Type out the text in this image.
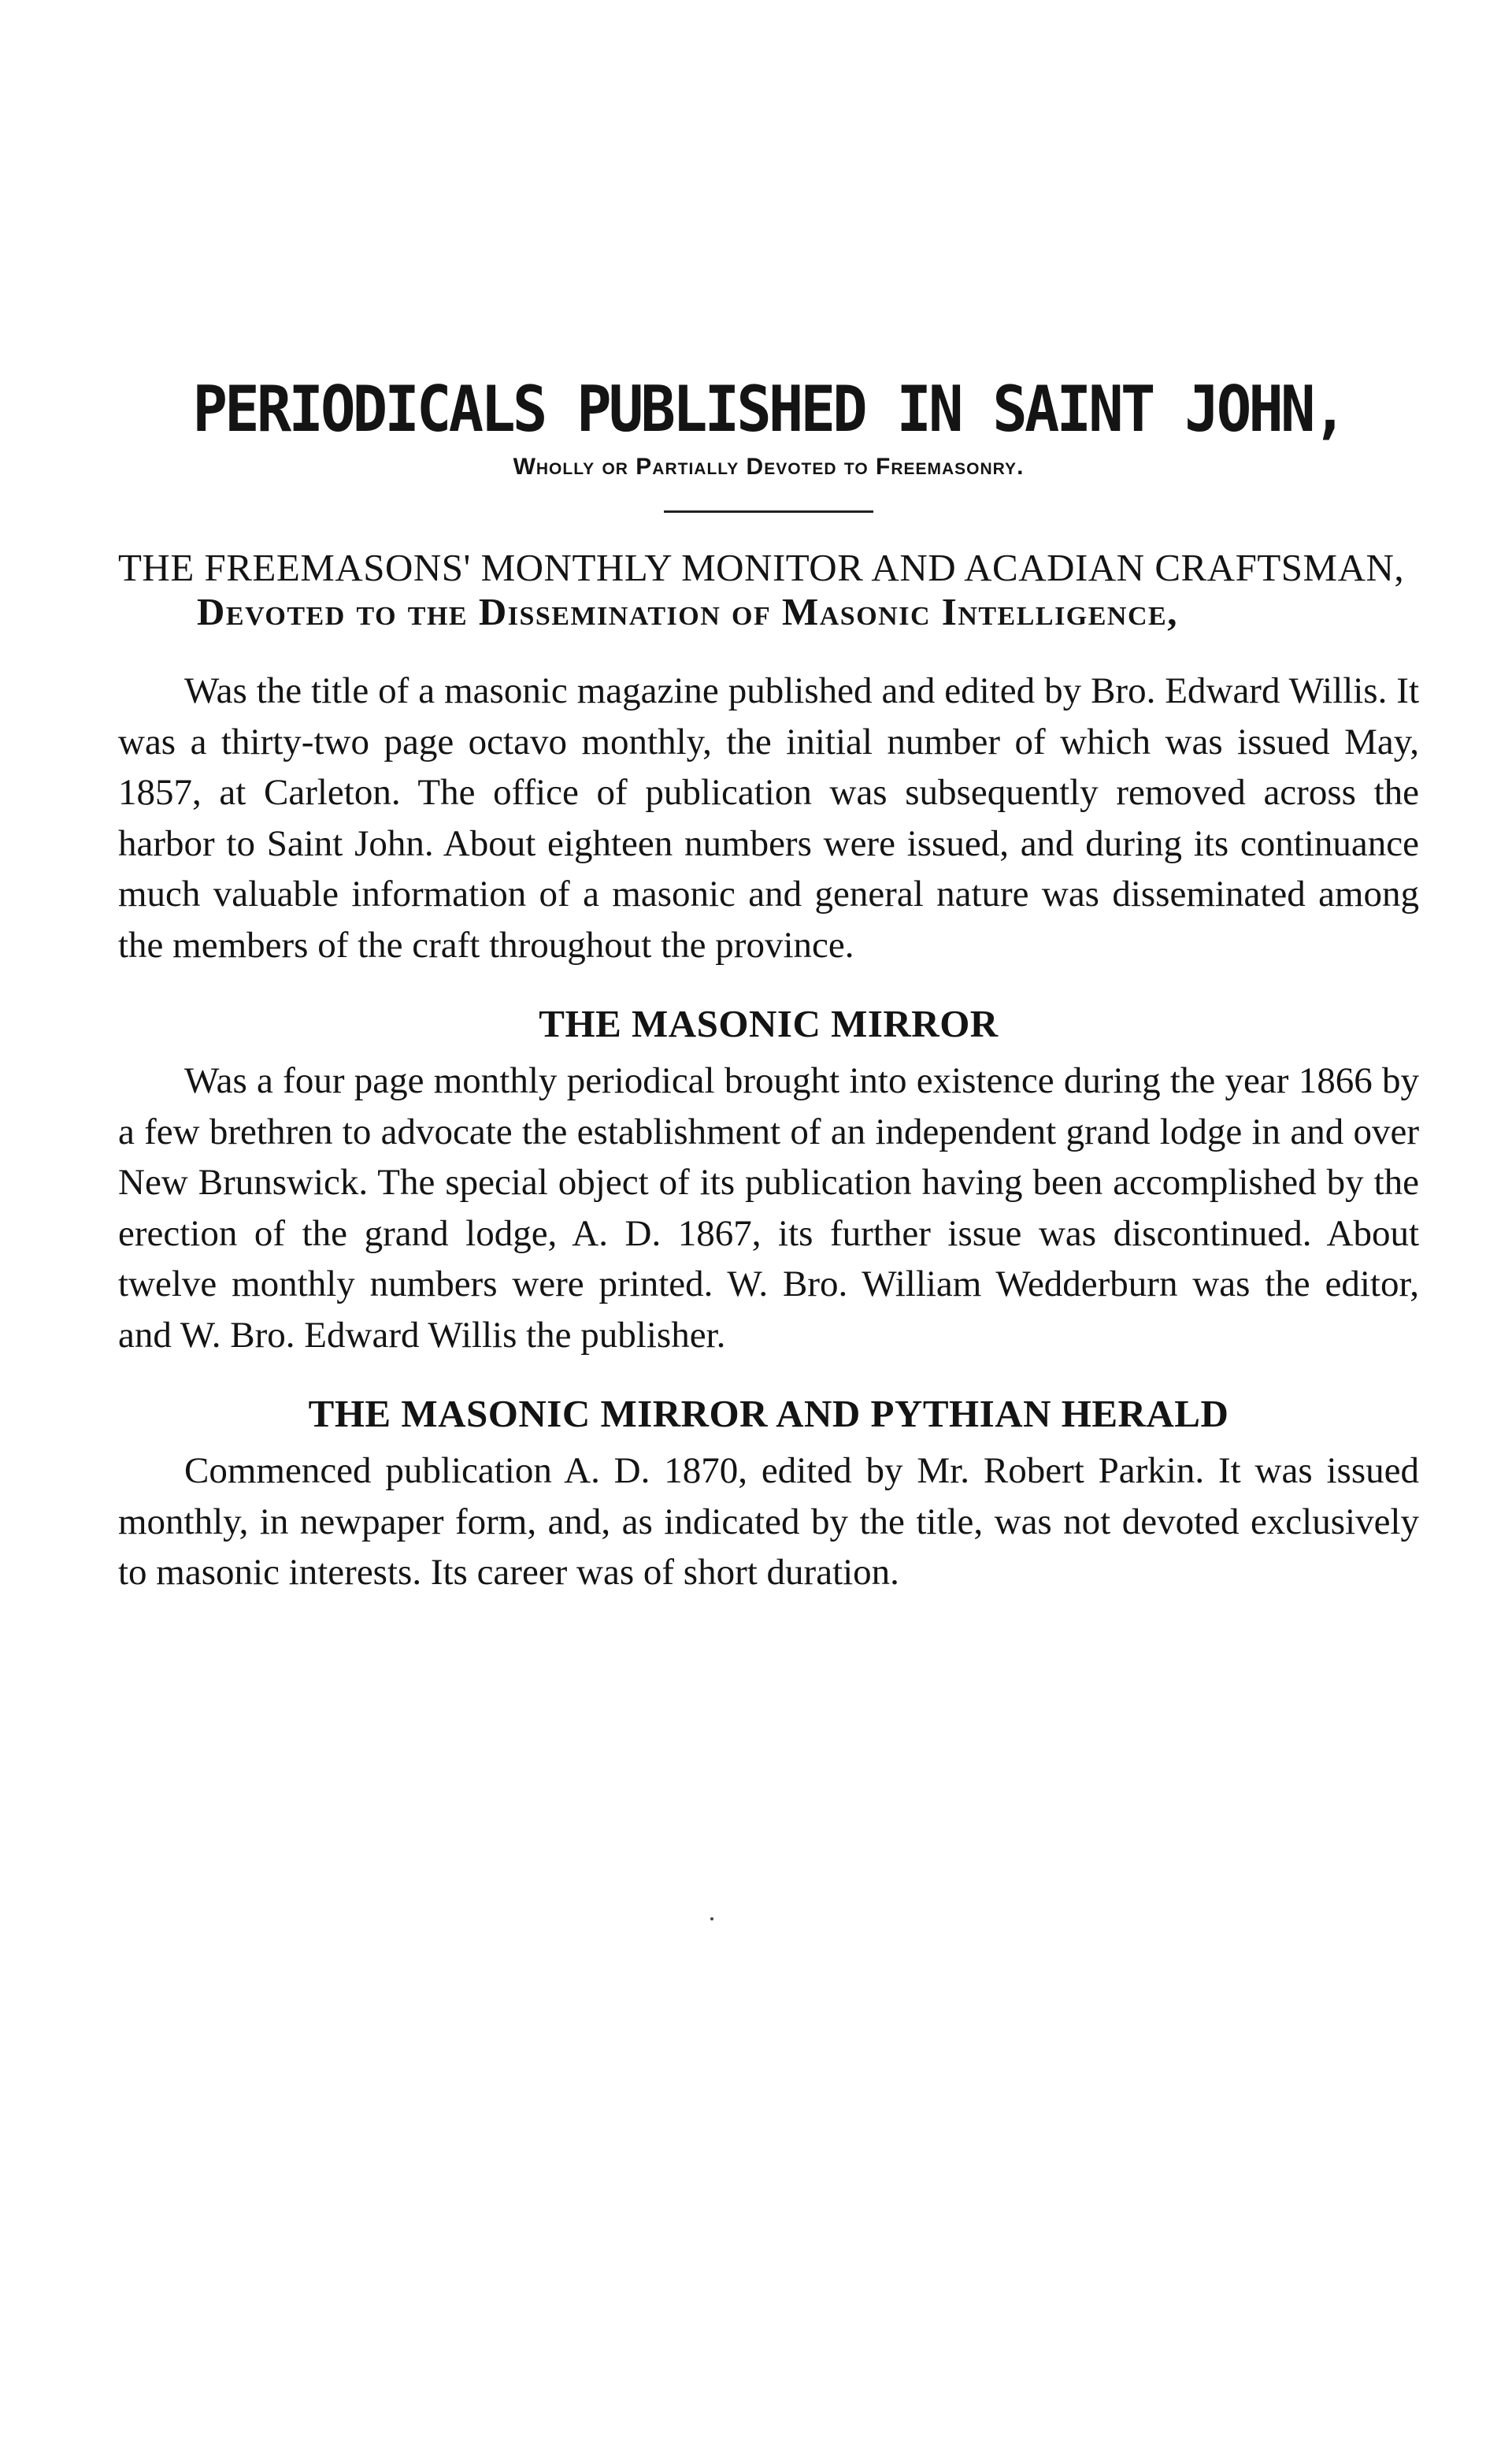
PERIODICALS PUBLISHED IN SAINT JOHN,

Wholly or Partially Devoted to Freemasonry.

THE FREEMASONS' MONTHLY MONITOR AND ACADIAN CRAFTSMAN, Devoted to the Dissemination of Masonic Intelligence,

Was the title of a masonic magazine published and edited by Bro. Edward Willis. It was a thirty-two page octavo monthly, the initial number of which was issued May, 1857, at Carleton. The office of publication was subsequently removed across the harbor to Saint John. About eighteen numbers were issued, and during its continuance much valuable information of a masonic and general nature was disseminated among the members of the craft throughout the province.

THE MASONIC MIRROR

Was a four page monthly periodical brought into existence during the year 1866 by a few brethren to advocate the establishment of an independent grand lodge in and over New Brunswick. The special object of its publication having been accomplished by the erection of the grand lodge, A. D. 1867, its further issue was discontinued. About twelve monthly numbers were printed. W. Bro. William Wedderburn was the editor, and W. Bro. Edward Willis the publisher.

THE MASONIC MIRROR AND PYTHIAN HERALD

Commenced publication A. D. 1870, edited by Mr. Robert Parkin. It was issued monthly, in newpaper form, and, as indicated by the title, was not devoted exclusively to masonic interests. Its career was of short duration.
